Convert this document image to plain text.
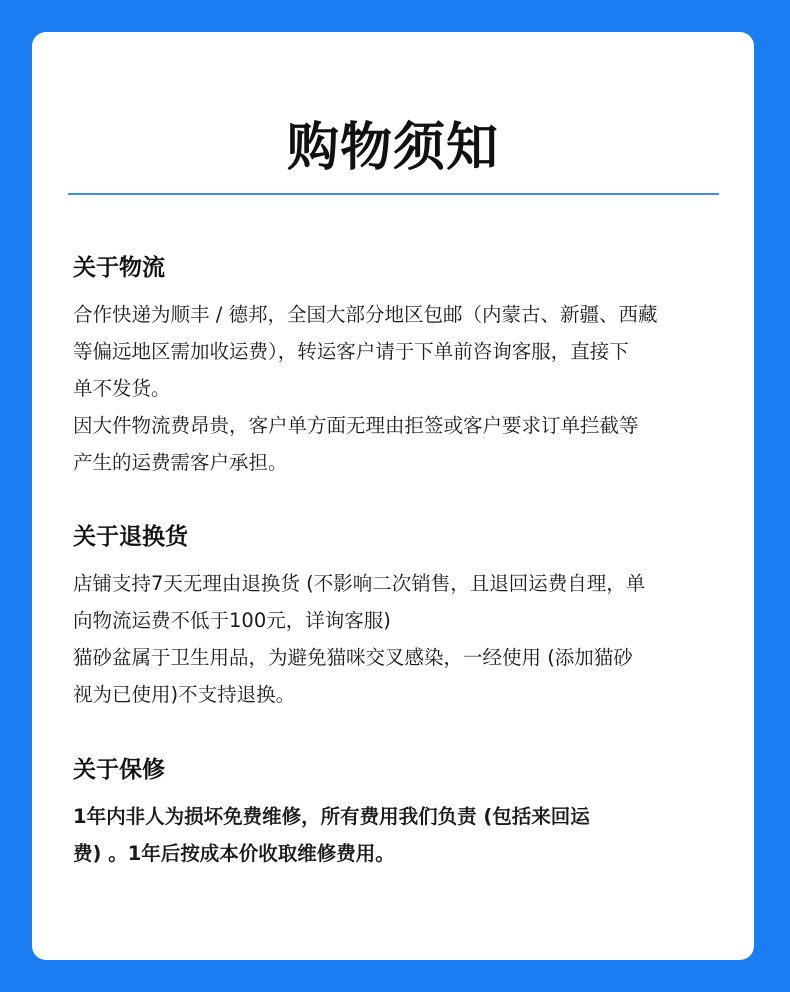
购物须知
关于物流
合作快递为顺丰 / 德邦，全国大部分地区包邮（内蒙古、新疆、西藏
等偏远地区需加收运费），转运客户请于下单前咨询客服，直接下
单不发货。
因大件物流费昂贵，客户单方面无理由拒签或客户要求订单拦截等
产生的运费需客户承担。
关于退换货
店铺支持7天无理由退换货 (不影响二次销售，且退回运费自理，单
向物流运费不低于100元，详询客服)
猫砂盆属于卫生用品，为避免猫咪交叉感染，一经使用 (添加猫砂
视为已使用)不支持退换。
关于保修
1年内非人为损坏免费维修，所有费用我们负责 (包括来回运
费) 。1年后按成本价收取维修费用。
